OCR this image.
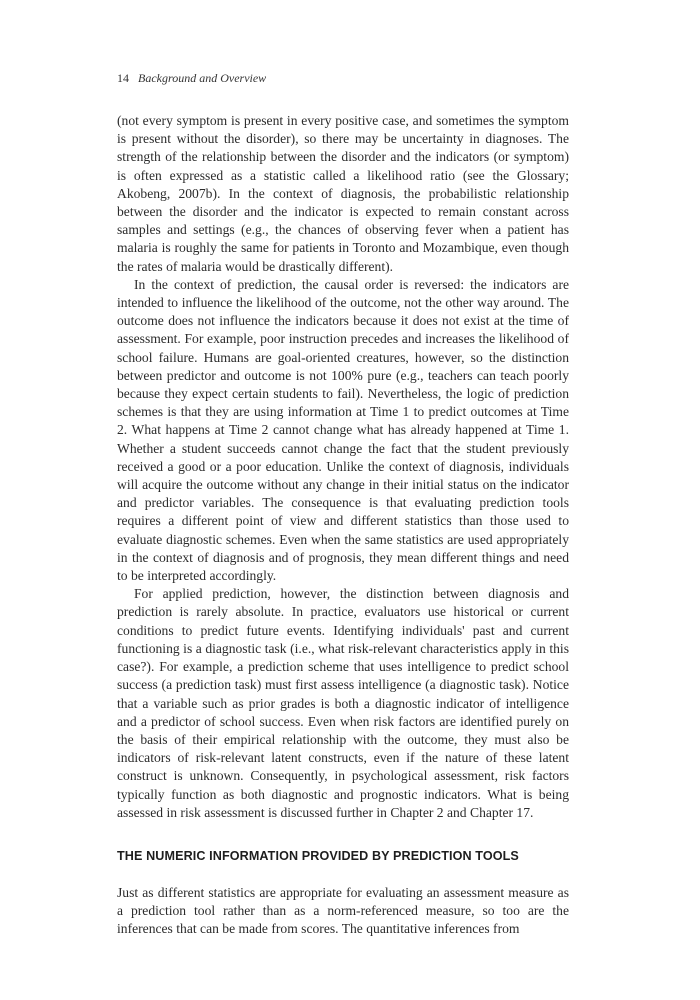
14 Background and Overview

(not every symptom is present in every positive case, and sometimes the symptom is present without the disorder), so there may be uncertainty in diagnoses. The strength of the relationship between the disorder and the indicators (or symptom) is often expressed as a statistic called a likelihood ratio (see the Glossary; Akobeng, 2007b). In the context of diagnosis, the probabilistic relationship between the disorder and the indicator is expected to remain constant across samples and settings (e.g., the chances of observing fever when a patient has malaria is roughly the same for patients in Toronto and Mozambique, even though the rates of malaria would be drastically different).

In the context of prediction, the causal order is reversed: the indicators are intended to influence the likelihood of the outcome, not the other way around. The outcome does not influence the indicators because it does not exist at the time of assessment. For example, poor instruction precedes and increases the likelihood of school failure. Humans are goal-oriented creatures, however, so the distinction between predictor and outcome is not 100% pure (e.g., teachers can teach poorly because they expect certain students to fail). Nevertheless, the logic of prediction schemes is that they are using information at Time 1 to predict outcomes at Time 2. What happens at Time 2 cannot change what has already happened at Time 1. Whether a student succeeds cannot change the fact that the student previously received a good or a poor education. Unlike the context of diagnosis, individuals will acquire the outcome without any change in their initial status on the indicator and predictor variables. The consequence is that evaluating prediction tools requires a different point of view and different statistics than those used to evaluate diagnostic schemes. Even when the same statistics are used appropriately in the context of diagnosis and of prognosis, they mean different things and need to be interpreted accordingly.

For applied prediction, however, the distinction between diagnosis and prediction is rarely absolute. In practice, evaluators use historical or current conditions to predict future events. Identifying individuals' past and current functioning is a diagnostic task (i.e., what risk-relevant characteristics apply in this case?). For example, a prediction scheme that uses intelligence to predict school success (a prediction task) must first assess intelligence (a diagnostic task). Notice that a variable such as prior grades is both a diagnostic indicator of intelligence and a predictor of school success. Even when risk factors are identified purely on the basis of their empirical relationship with the outcome, they must also be indicators of risk-relevant latent constructs, even if the nature of these latent construct is unknown. Consequently, in psychological assessment, risk factors typically function as both diagnostic and prognostic indicators. What is being assessed in risk assessment is discussed further in Chapter 2 and Chapter 17.

THE NUMERIC INFORMATION PROVIDED BY PREDICTION TOOLS

Just as different statistics are appropriate for evaluating an assessment measure as a prediction tool rather than as a norm-referenced measure, so too are the inferences that can be made from scores. The quantitative inferences from
